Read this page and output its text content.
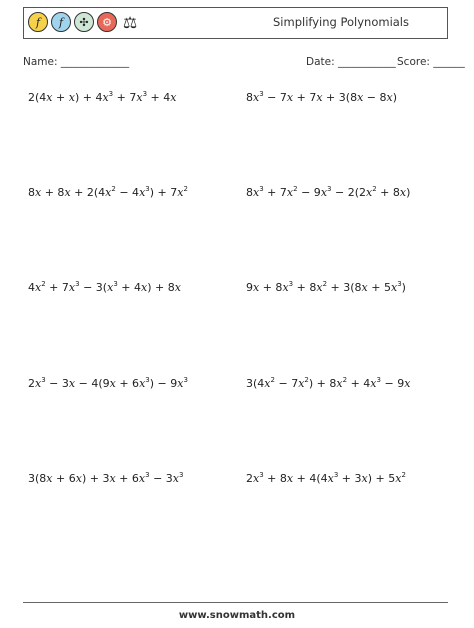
f f	✣	⚙ ⚖	Simplifying Polynomials
Name: _____________	Date: ___________ Score: ______
$2(4x + x) + 4x^3 + 7x^3 + 4x$	$8x^3 - 7x + 7x + 3(8x - 8x)$
$8x + 8x + 2(4x^2 - 4x^3) + 7x^2$	$8x^3 + 7x^2 - 9x^3 - 2(2x^2 + 8x)$
$4x^2 + 7x^3 - 3(x^3 + 4x) + 8x$	$9x + 8x^3 + 8x^2 + 3(8x + 5x^3)$
$2x^3 - 3x - 4(9x + 6x^3) - 9x^3$	$3(4x^2 - 7x^2) + 8x^2 + 4x^3 - 9x$
$3(8x + 6x) + 3x + 6x^3 - 3x^3$	$2x^3 + 8x + 4(4x^3 + 3x) + 5x^2$
www.snowmath.com
